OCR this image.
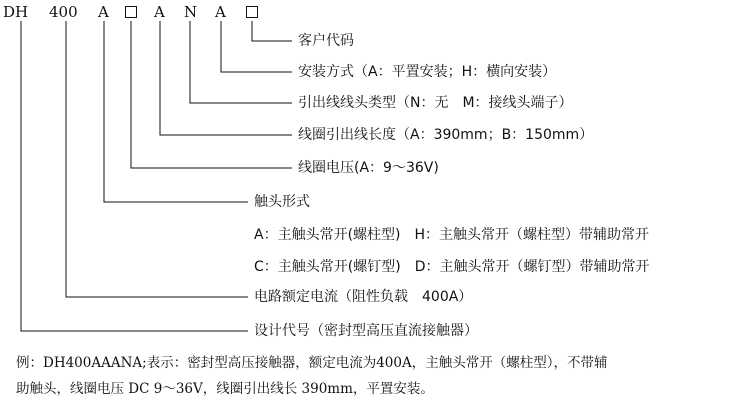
DH 400 A	A N A
客户代码
安装方式（A：平置安装；H：横向安装）
引出线线头类型（N：无　M：接线头端子）
线圈引出线长度（A：390mm；B：150mm）
线圈电压(A：9～36V)
触头形式
A：主触头常开(螺柱型)　H：主触头常开（螺柱型）带辅助常开
C：主触头常开(螺钉型)　D：主触头常开（螺钉型）带辅助常开
电路额定电流（阻性负载　400A）
设计代号（密封型高压直流接触器）
例：DH400AAANA;表示：密封型高压接触器，额定电流为400A，主触头常开（螺柱型），不带辅
助触头，线圈电压 DC 9～36V，线圈引出线长 390mm，平置安装。
